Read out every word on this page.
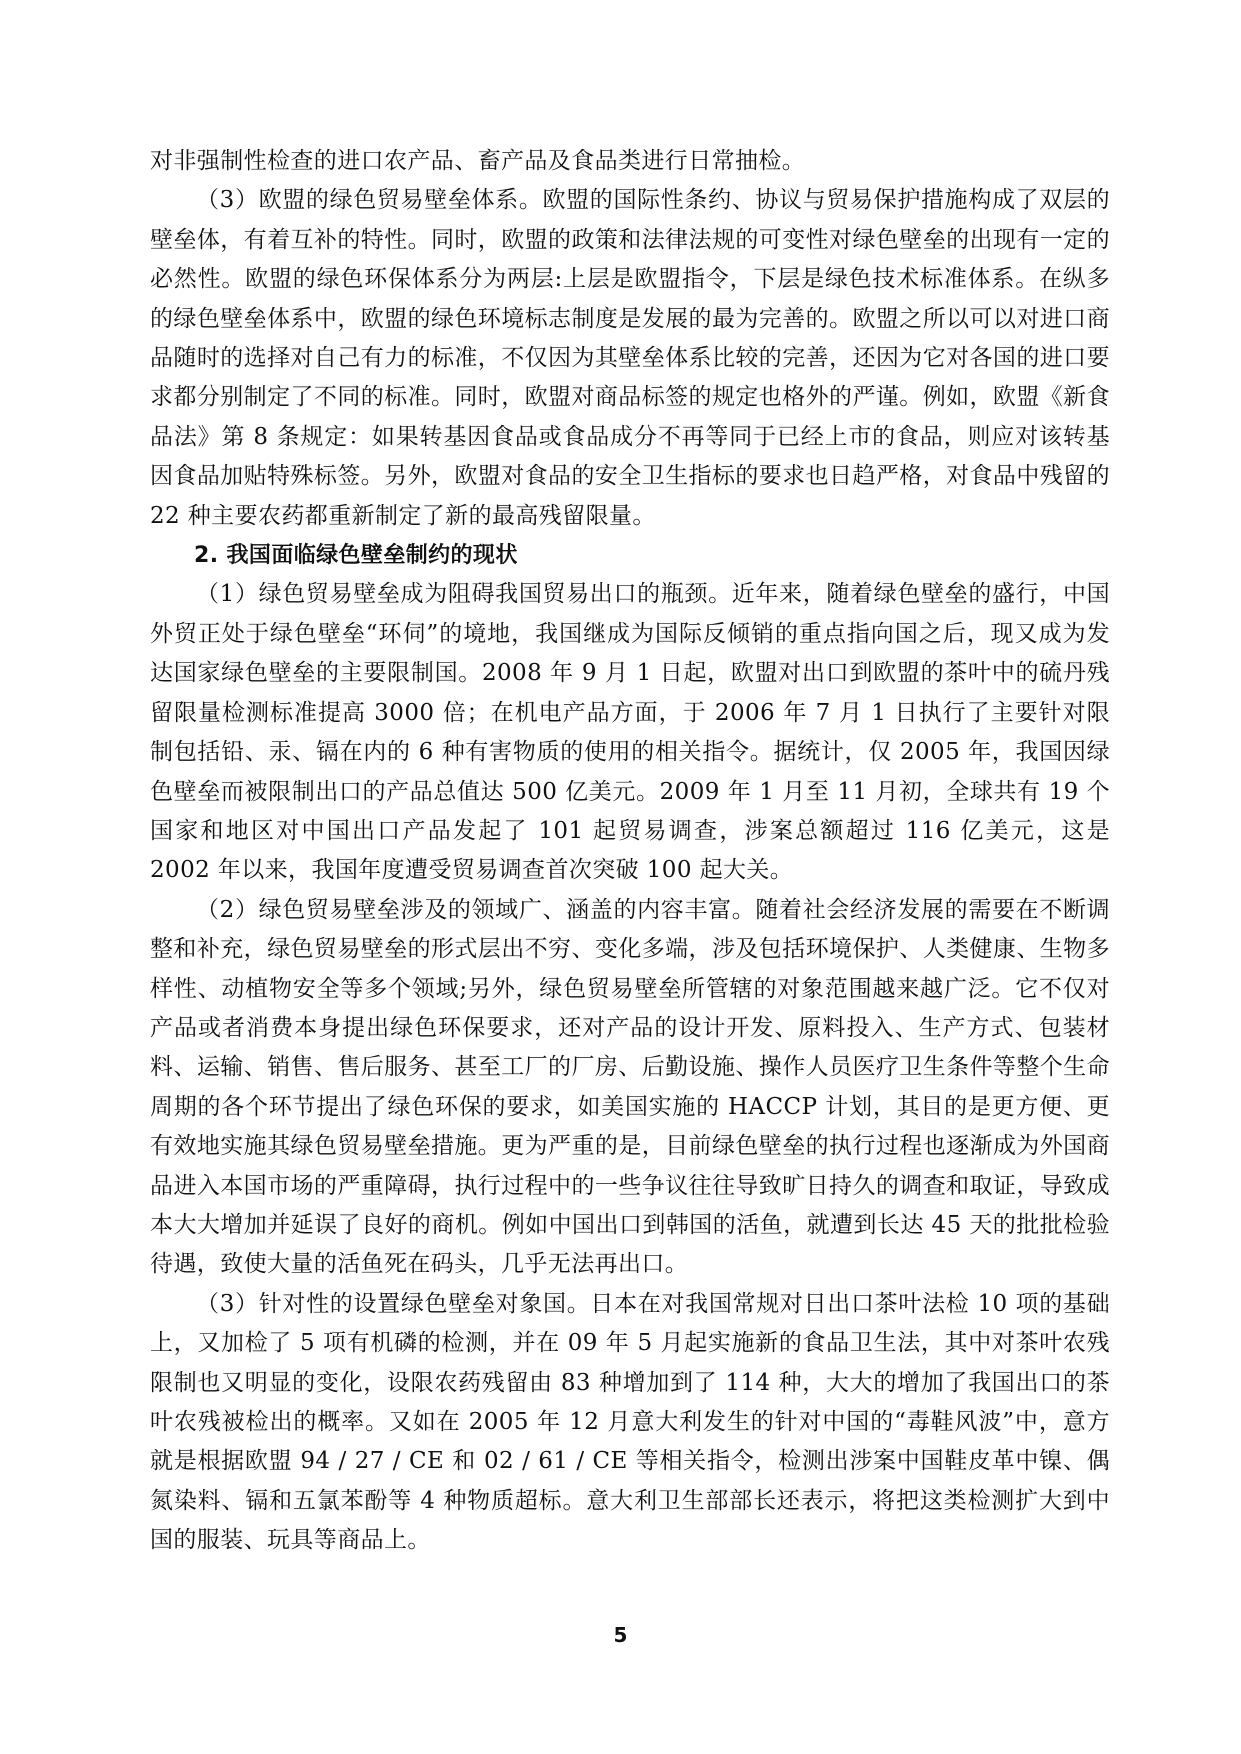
对非强制性检查的进口农产品、畜产品及食品类进行日常抽检。

（3）欧盟的绿色贸易壁垒体系。欧盟的国际性条约、协议与贸易保护措施构成了双层的壁垒体，有着互补的特性。同时，欧盟的政策和法律法规的可变性对绿色壁垒的出现有一定的必然性。欧盟的绿色环保体系分为两层:上层是欧盟指令，下层是绿色技术标准体系。在纵多的绿色壁垒体系中，欧盟的绿色环境标志制度是发展的最为完善的。欧盟之所以可以对进口商品随时的选择对自己有力的标准，不仅因为其壁垒体系比较的完善，还因为它对各国的进口要求都分别制定了不同的标准。同时，欧盟对商品标签的规定也格外的严谨。例如，欧盟《新食品法》第 8 条规定：如果转基因食品或食品成分不再等同于已经上市的食品，则应对该转基因食品加贴特殊标签。另外，欧盟对食品的安全卫生指标的要求也日趋严格，对食品中残留的 22 种主要农药都重新制定了新的最高残留限量。

2. 我国面临绿色壁垒制约的现状

（1）绿色贸易壁垒成为阻碍我国贸易出口的瓶颈。近年来，随着绿色壁垒的盛行，中国外贸正处于绿色壁垒“环伺”的境地，我国继成为国际反倾销的重点指向国之后，现又成为发达国家绿色壁垒的主要限制国。2008 年 9 月 1 日起，欧盟对出口到欧盟的茶叶中的硫丹残留限量检测标准提高 3000 倍；在机电产品方面，于 2006 年 7 月 1 日执行了主要针对限制包括铅、汞、镉在内的 6 种有害物质的使用的相关指令。据统计，仅 2005 年，我国因绿色壁垒而被限制出口的产品总值达 500 亿美元。2009 年 1 月至 11 月初，全球共有 19 个国家和地区对中国出口产品发起了 101 起贸易调查，涉案总额超过 116 亿美元，这是 2002 年以来，我国年度遭受贸易调查首次突破 100 起大关。

（2）绿色贸易壁垒涉及的领域广、涵盖的内容丰富。随着社会经济发展的需要在不断调整和补充，绿色贸易壁垒的形式层出不穷、变化多端，涉及包括环境保护、人类健康、生物多样性、动植物安全等多个领域;另外，绿色贸易壁垒所管辖的对象范围越来越广泛。它不仅对产品或者消费本身提出绿色环保要求，还对产品的设计开发、原料投入、生产方式、包装材料、运输、销售、售后服务、甚至工厂的厂房、后勤设施、操作人员医疗卫生条件等整个生命周期的各个环节提出了绿色环保的要求，如美国实施的 HACCP 计划，其目的是更方便、更有效地实施其绿色贸易壁垒措施。更为严重的是，目前绿色壁垒的执行过程也逐渐成为外国商品进入本国市场的严重障碍，执行过程中的一些争议往往导致旷日持久的调查和取证，导致成本大大增加并延误了良好的商机。例如中国出口到韩国的活鱼，就遭到长达 45 天的批批检验待遇，致使大量的活鱼死在码头，几乎无法再出口。

（3）针对性的设置绿色壁垒对象国。日本在对我国常规对日出口茶叶法检 10 项的基础上，又加检了 5 项有机磷的检测，并在 09 年 5 月起实施新的食品卫生法，其中对茶叶农残限制也又明显的变化，设限农药残留由 83 种增加到了 114 种，大大的增加了我国出口的茶叶农残被检出的概率。又如在 2005 年 12 月意大利发生的针对中国的“毒鞋风波”中，意方就是根据欧盟 94 / 27 / CE 和 02 / 61 / CE 等相关指令，检测出涉案中国鞋皮革中镍、偶氮染料、镉和五氯苯酚等 4 种物质超标。意大利卫生部部长还表示，将把这类检测扩大到中国的服装、玩具等商品上。

5
